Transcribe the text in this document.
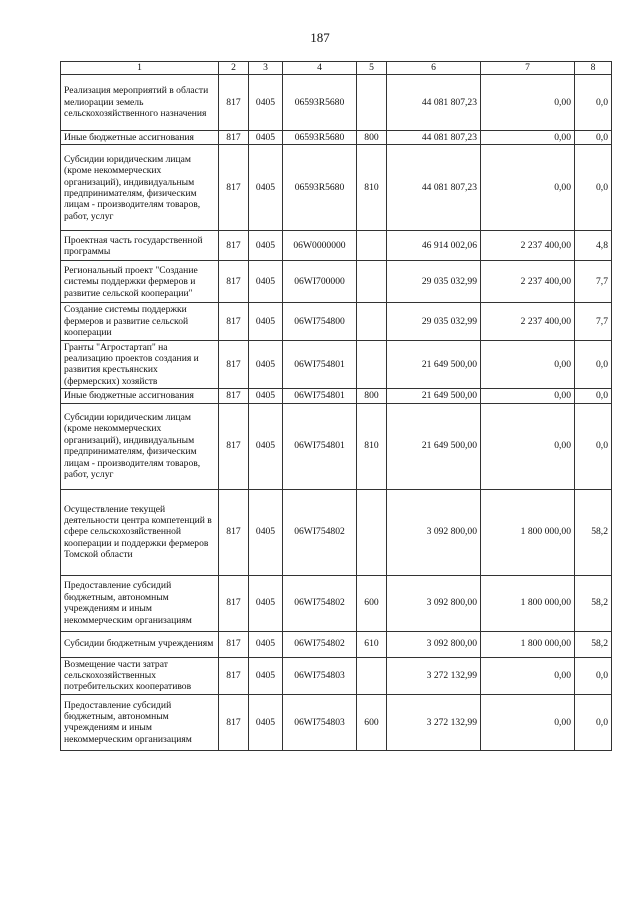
187
1	2	3	4	5	6	7	8
Реализация мероприятий в области мелиорации земель сельскохозяйственного назначения	817	0405	06593R5680		44 081 807,23	0,00	0,0
Иные бюджетные ассигнования	817	0405	06593R5680	800	44 081 807,23	0,00	0,0
Субсидии юридическим лицам (кроме некоммерческих организаций), индивидуальным предпринимателям, физическим лицам - производителям товаров, работ, услуг	817	0405	06593R5680	810	44 081 807,23	0,00	0,0
Проектная часть государственной программы	817	0405	06W0000000		46 914 002,06	2 237 400,00	4,8
Региональный проект "Создание системы поддержки фермеров и развитие сельской кооперации"	817	0405	06WI700000		29 035 032,99	2 237 400,00	7,7
Создание системы поддержки фермеров и развитие сельской кооперации	817	0405	06WI754800		29 035 032,99	2 237 400,00	7,7
Гранты "Агростартап" на реализацию проектов создания и развития крестьянских (фермерских) хозяйств	817	0405	06WI754801		21 649 500,00	0,00	0,0
Иные бюджетные ассигнования	817	0405	06WI754801	800	21 649 500,00	0,00	0,0
Субсидии юридическим лицам (кроме некоммерческих организаций), индивидуальным предпринимателям, физическим лицам - производителям товаров, работ, услуг	817	0405	06WI754801	810	21 649 500,00	0,00	0,0
Осуществление текущей деятельности центра компетенций в сфере сельскохозяйственной кооперации и поддержки фермеров Томской области	817	0405	06WI754802		3 092 800,00	1 800 000,00	58,2
Предоставление субсидий бюджетным, автономным учреждениям и иным некоммерческим организациям	817	0405	06WI754802	600	3 092 800,00	1 800 000,00	58,2
Субсидии бюджетным учреждениям	817	0405	06WI754802	610	3 092 800,00	1 800 000,00	58,2
Возмещение части затрат сельскохозяйственных потребительских кооперативов	817	0405	06WI754803		3 272 132,99	0,00	0,0
Предоставление субсидий бюджетным, автономным учреждениям и иным некоммерческим организациям	817	0405	06WI754803	600	3 272 132,99	0,00	0,0
